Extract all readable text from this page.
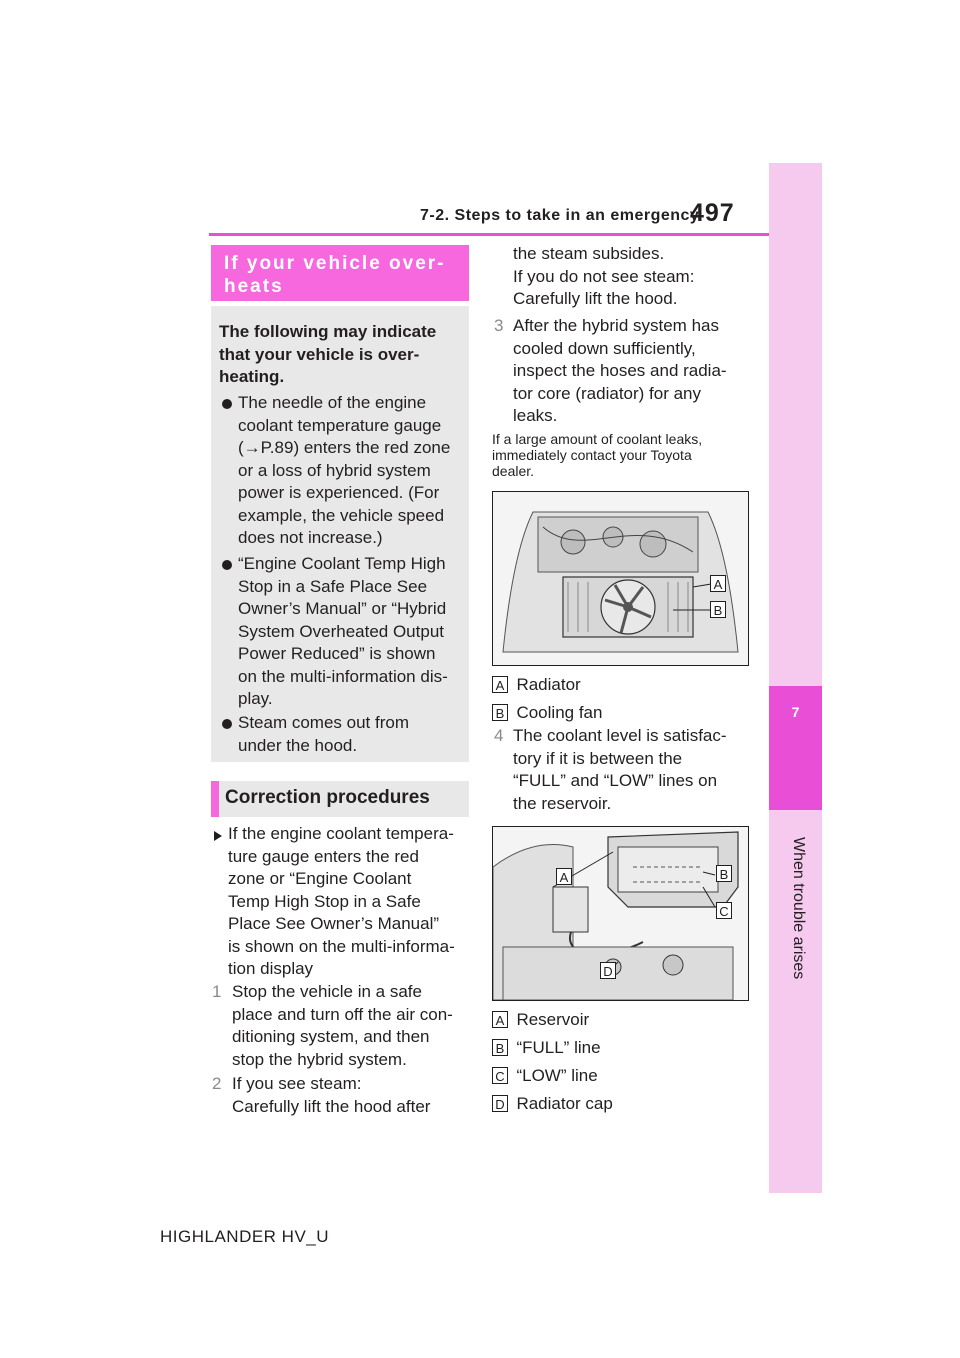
7-2. Steps to take in an emergency
497
7
When trouble arises
If your vehicle over-
heats
The following may indicate
that your vehicle is over-
heating.
The needle of the engine
coolant temperature gauge
(→P.89) enters the red zone
or a loss of hybrid system
power is experienced. (For
example, the vehicle speed
does not increase.)
“Engine Coolant Temp High
Stop in a Safe Place See
Owner’s Manual” or “Hybrid
System Overheated Output
Power Reduced” is shown
on the multi-information dis-
play.
Steam comes out from
under the hood.
Correction procedures
If the engine coolant tempera-
ture gauge enters the red
zone or “Engine Coolant
Temp High Stop in a Safe
Place See Owner’s Manual”
is shown on the multi-informa-
tion display
1 Stop the vehicle in a safe
place and turn off the air con-
ditioning system, and then
stop the hybrid system.
2 If you see steam:
Carefully lift the hood after
the steam subsides.
If you do not see steam:
Carefully lift the hood.
3 After the hybrid system has
cooled down sufficiently,
inspect the hoses and radia-
tor core (radiator) for any
leaks.
If a large amount of coolant leaks,
immediately contact your Toyota
dealer.
A
B
A Radiator
B Cooling fan
4 The coolant level is satisfac-
tory if it is between the
“FULL” and “LOW” lines on
the reservoir.
A	B
C
D
A Reservoir
B “FULL” line
C “LOW” line
D Radiator cap
HIGHLANDER HV_U
